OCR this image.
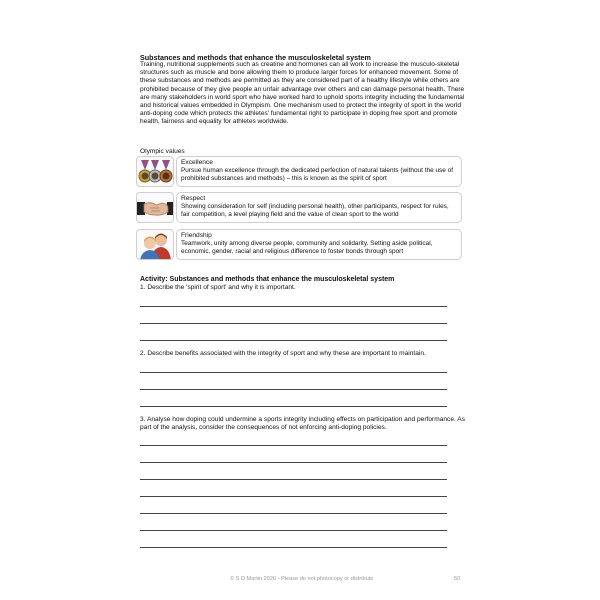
Substances and methods that enhance the musculoskeletal system
Training, nutritional supplements such as creatine and hormones can all work to increase the musculo-skeletal structures such as muscle and bone allowing them to produce larger forces for enhanced movement. Some of these substances and methods are permitted as they are considered part of a healthy lifestyle while others are prohibited because of they give people an unfair advantage over others and can damage personal health. There are many stakeholders in world sport who have worked hard to uphold sports integrity including the fundamental and historical values embedded in Olympism. One mechanism used to protect the integrity of sport in the world anti-doping code which protects the athletes' fundamental right to participate in doping free sport and promote health, fairness and equality for athletes worldwide.
Olympic values
Excellence
Pursue human excellence through the dedicated perfection of natural talents (without the use of prohibited substances and methods) – this is known as the spirit of sport
Respect
Showing consideration for self (including personal health), other participants, respect for rules, fair competition, a level playing field and the value of clean sport to the world
Friendship
Teamwork, unity among diverse people, community and solidarity. Setting aside political, economic, gender, racial and religious difference to foster bonds through sport
Activity: Substances and methods that enhance the musculoskeletal system
1. Describe the 'spirit of sport' and why it is important.
2. Describe benefits associated with the integrity of sport and why these are important to maintain.
3. Analyse how doping could undermine a sports integrity including effects on participation and performance. As part of the analysis, consider the consequences of not enforcing anti-doping policies.
© S D Martin 2026 - Please do not photocopy or distribute	50
